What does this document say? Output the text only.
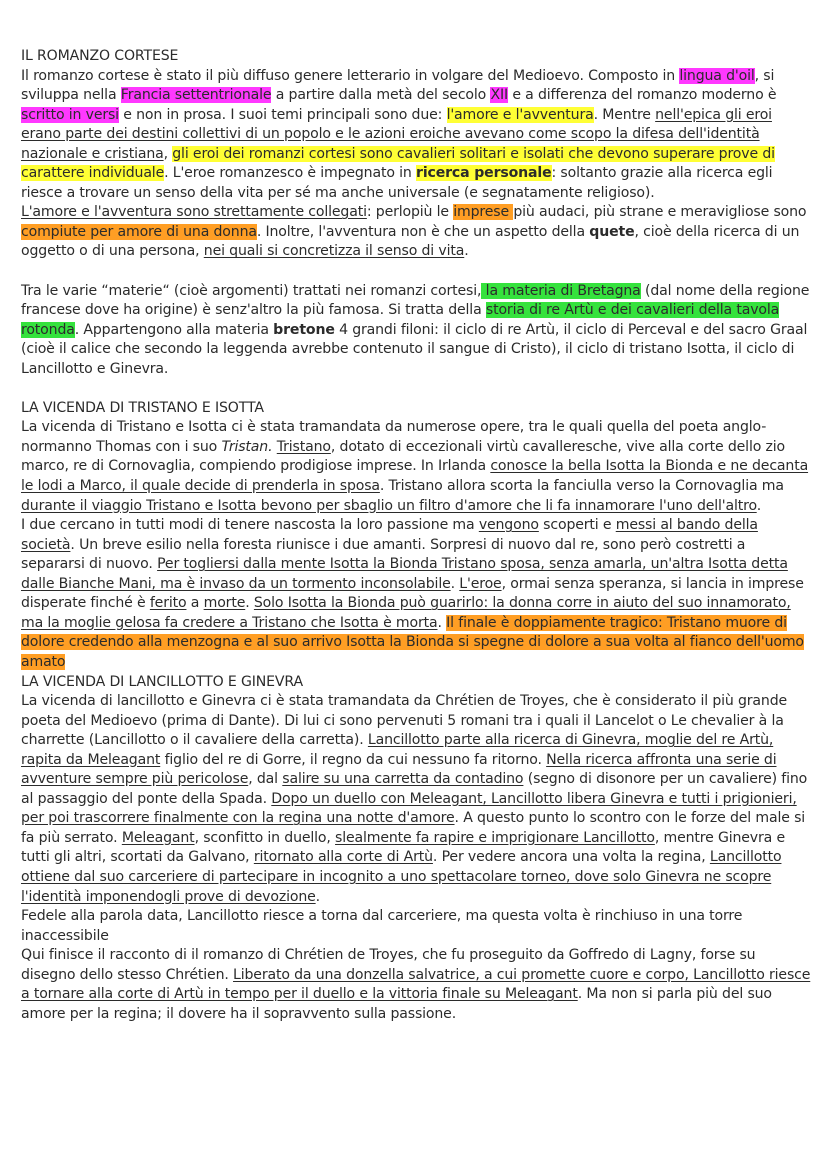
IL ROMANZO CORTESE
Il romanzo cortese è stato il più diffuso genere letterario in volgare del Medioevo. Composto in lingua d'oil, si sviluppa nella Francia settentrionale a partire dalla metà del secolo XII e a differenza del romanzo moderno è scritto in versi e non in prosa. I suoi temi principali sono due: l'amore e l'avventura. Mentre nell'epica gli eroi erano parte dei destini collettivi di un popolo e le azioni eroiche avevano come scopo la difesa dell'identità nazionale e cristiana, gli eroi dei romanzi cortesi sono cavalieri solitari e isolati che devono superare prove di carattere individuale. L'eroe romanzesco è impegnato in ricerca personale: soltanto grazie alla ricerca egli riesce a trovare un senso della vita per sé ma anche universale (e segnatamente religioso).
L'amore e l'avventura sono strettamente collegati: perlopiù le imprese più audaci, più strane e meravigliose sono compiute per amore di una donna. Inoltre, l'avventura non è che un aspetto della quete, cioè della ricerca di un oggetto o di una persona, nei quali si concretizza il senso di vita.
Tra le varie “materie“ (cioè argomenti) trattati nei romanzi cortesi, la materia di Bretagna (dal nome della regione francese dove ha origine) è senz'altro la più famosa. Si tratta della storia di re Artù e dei cavalieri della tavola rotonda. Appartengono alla materia bretone 4 grandi filoni: il ciclo di re Artù, il ciclo di Perceval e del sacro Graal (cioè il calice che secondo la leggenda avrebbe contenuto il sangue di Cristo), il ciclo di tristano Isotta, il ciclo di Lancillotto e Ginevra.
LA VICENDA DI TRISTANO E ISOTTA
La vicenda di Tristano e Isotta ci è stata tramandata da numerose opere, tra le quali quella del poeta anglo-normanno Thomas con i suo Tristan. Tristano, dotato di eccezionali virtù cavalleresche, vive alla corte dello zio marco, re di Cornovaglia, compiendo prodigiose imprese. In Irlanda conosce la bella Isotta la Bionda e ne decanta le lodi a Marco, il quale decide di prenderla in sposa. Tristano allora scorta la fanciulla verso la Cornovaglia ma durante il viaggio Tristano e Isotta bevono per sbaglio un filtro d'amore che li fa innamorare l'uno dell'altro.
I due cercano in tutti modi di tenere nascosta la loro passione ma vengono scoperti e messi al bando della società. Un breve esilio nella foresta riunisce i due amanti. Sorpresi di nuovo dal re, sono però costretti a separarsi di nuovo. Per togliersi dalla mente Isotta la Bionda Tristano sposa, senza amarla, un'altra Isotta detta dalle Bianche Mani, ma è invaso da un tormento inconsolabile. L'eroe, ormai senza speranza, si lancia in imprese disperate finché è ferito a morte. Solo Isotta la Bionda può guarirlo: la donna corre in aiuto del suo innamorato, ma la moglie gelosa fa credere a Tristano che Isotta è morta. Il finale è doppiamente tragico: Tristano muore di dolore credendo alla menzogna e al suo arrivo Isotta la Bionda si spegne di dolore a sua volta al fianco dell'uomo amato
LA VICENDA DI LANCILLOTTO E GINEVRA
La vicenda di lancillotto e Ginevra ci è stata tramandata da Chrétien de Troyes, che è considerato il più grande poeta del Medioevo (prima di Dante). Di lui ci sono pervenuti 5 romani tra i quali il Lancelot o Le chevalier à la charrette (Lancillotto o il cavaliere della carretta). Lancillotto parte alla ricerca di Ginevra, moglie del re Artù, rapita da Meleagant figlio del re di Gorre, il regno da cui nessuno fa ritorno. Nella ricerca affronta una serie di avventure sempre più pericolose, dal salire su una carretta da contadino (segno di disonore per un cavaliere) fino al passaggio del ponte della Spada. Dopo un duello con Meleagant, Lancillotto libera Ginevra e tutti i prigionieri, per poi trascorrere finalmente con la regina una notte d'amore. A questo punto lo scontro con le forze del male si fa più serrato. Meleagant, sconfitto in duello, slealmente fa rapire e imprigionare Lancillotto, mentre Ginevra e tutti gli altri, scortati da Galvano, ritornato alla corte di Artù. Per vedere ancora una volta la regina, Lancillotto ottiene dal suo carceriere di partecipare in incognito a uno spettacolare torneo, dove solo Ginevra ne scopre l'identità imponendogli prove di devozione.
Fedele alla parola data, Lancillotto riesce a torna dal carceriere, ma questa volta è rinchiuso in una torre inaccessibile
Qui finisce il racconto di il romanzo di Chrétien de Troyes, che fu proseguito da Goffredo di Lagny, forse su disegno dello stesso Chrétien. Liberato da una donzella salvatrice, a cui promette cuore e corpo, Lancillotto riesce a tornare alla corte di Artù in tempo per il duello e la vittoria finale su Meleagant. Ma non si parla più del suo amore per la regina; il dovere ha il sopravvento sulla passione.
